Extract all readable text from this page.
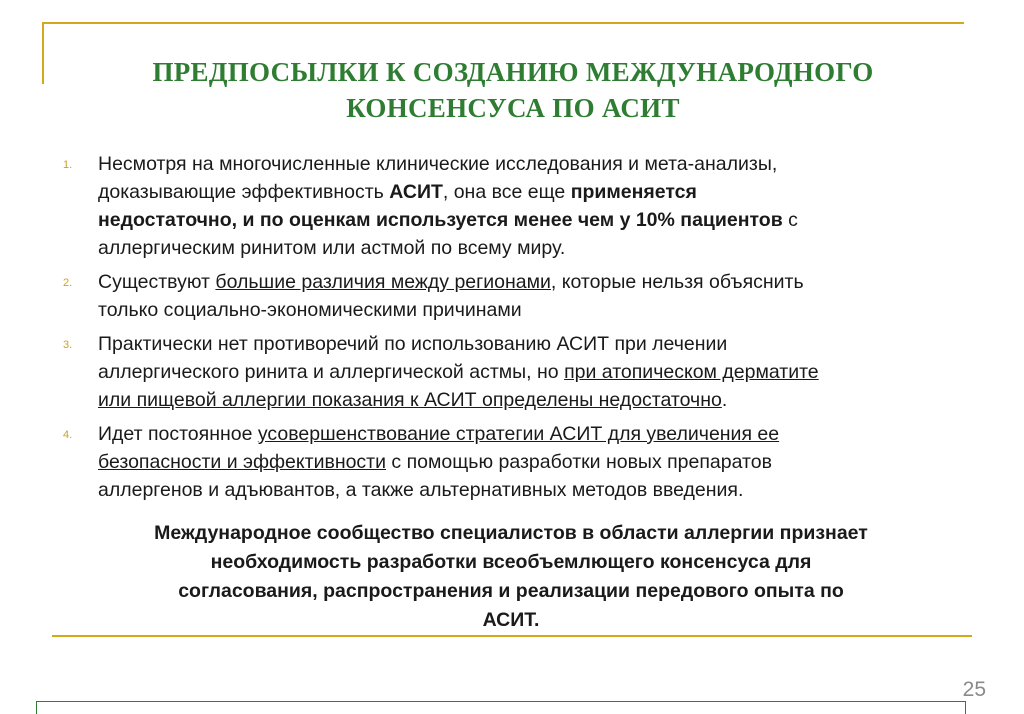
ПРЕДПОСЫЛКИ К СОЗДАНИЮ МЕЖДУНАРОДНОГО
КОНСЕНСУСА ПО АСИТ
1. Несмотря на многочисленные клинические исследования и мета-анализы,
доказывающие эффективность АСИТ, она все еще применяется
недостаточно, и по оценкам используется менее чем у 10% пациентов с
аллергическим ринитом или астмой по всему миру.
2. Существуют большие различия между регионами, которые нельзя объяснить
только социально-экономическими причинами
3. Практически нет противоречий по использованию АСИТ при лечении
аллергического ринита и аллергической астмы, но при атопическом дерматите
или пищевой аллергии показания к АСИТ определены недостаточно.
4. Идет постоянное усовершенствование стратегии АСИТ для увеличения ее
безопасности и эффективности с помощью разработки новых препаратов
аллергенов и адъювантов, а также альтернативных методов введения.
Международное сообщество специалистов в области аллергии признает
необходимость разработки всеобъемлющего консенсуса для
согласования, распространения и реализации передового опыта по
АСИТ.
25
